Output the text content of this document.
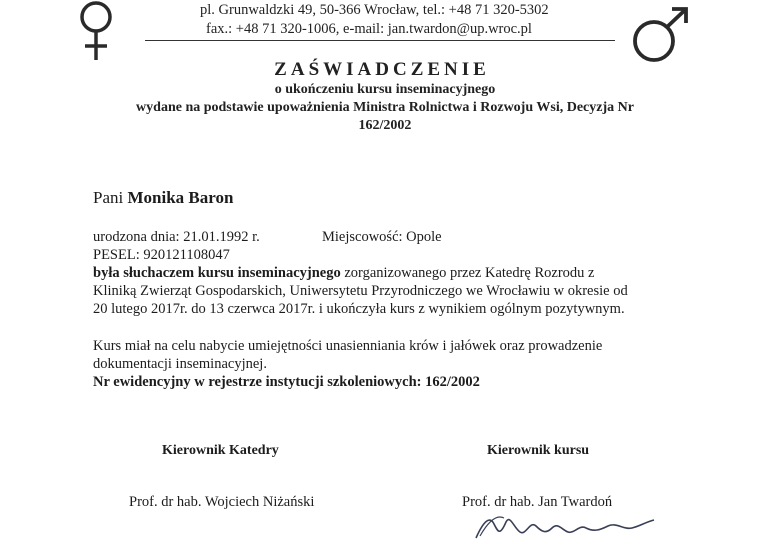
pl. Grunwaldzki 49, 50-366 Wrocław, tel.: +48 71 320-5302
fax.: +48 71 320-1006, e-mail: jan.twardon@up.wroc.pl
ZAŚWIADCZENIE
o ukończeniu kursu inseminacyjnego
wydane na podstawie upoważnienia Ministra Rolnictwa i Rozwoju Wsi, Decyzja Nr
162/2002
Pani Monika Baron
urodzona dnia: 21.01.1992 r.	Miejscowość: Opole
PESEL: 920121108047
była słuchaczem kursu inseminacyjnego zorganizowanego przez Katedrę Rozrodu z
Kliniką Zwierząt Gospodarskich, Uniwersytetu Przyrodniczego we Wrocławiu w okresie od
20 lutego 2017r. do 13 czerwca 2017r. i ukończyła kurs z wynikiem ogólnym pozytywnym.
Kurs miał na celu nabycie umiejętności unasienniania krów i jałówek oraz prowadzenie
dokumentacji inseminacyjnej.
Nr ewidencyjny w rejestrze instytucji szkoleniowych: 162/2002
Kierownik Katedry
Prof. dr hab. Wojciech Niżański
Kierownik kursu
Prof. dr hab. Jan Twardoń
